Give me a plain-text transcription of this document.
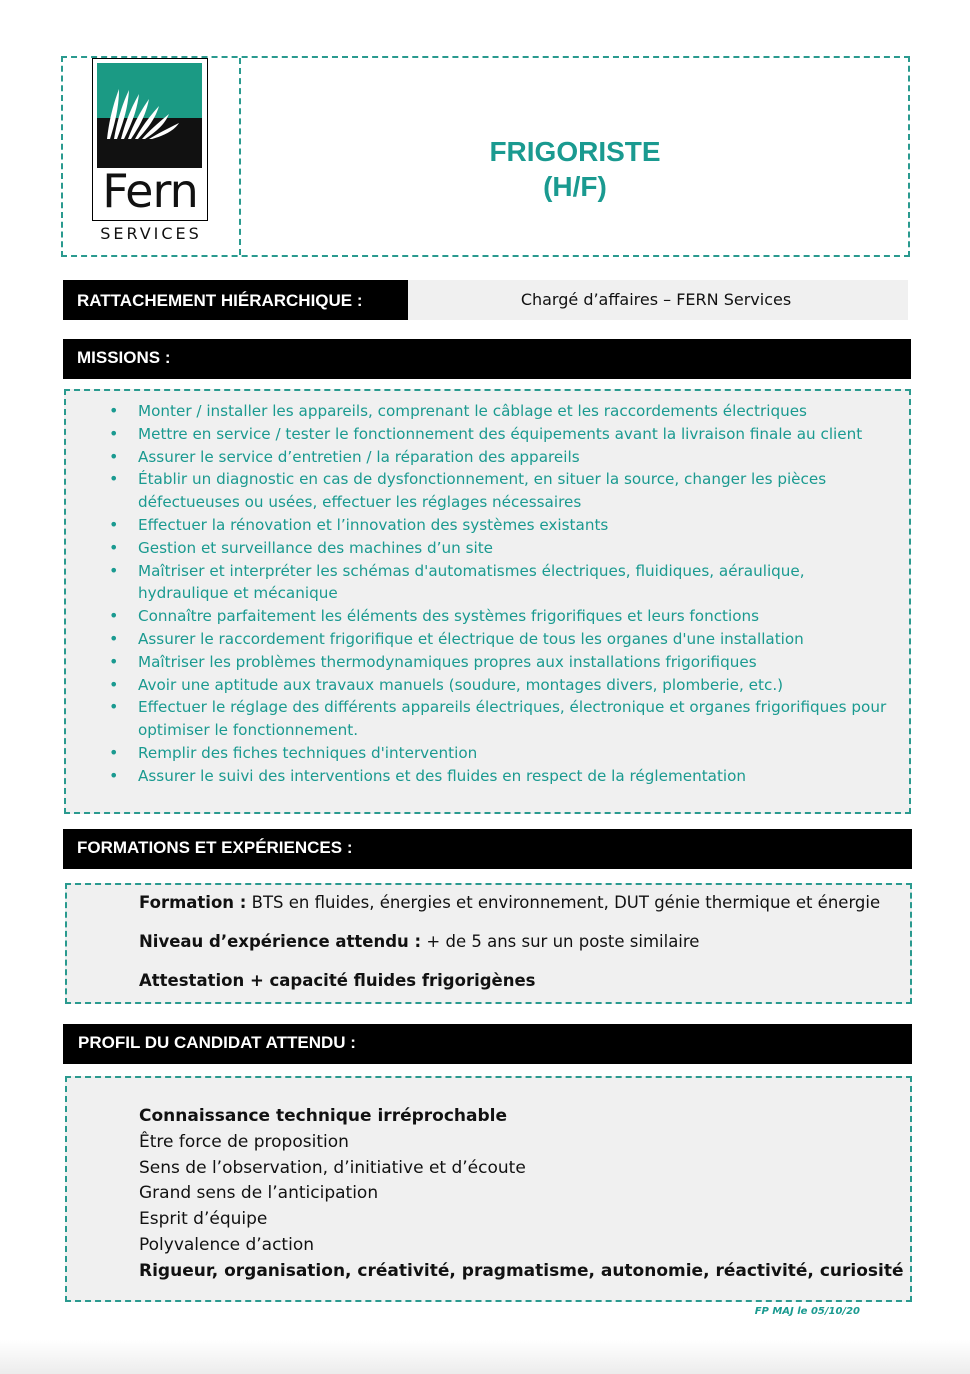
Fern
SERVICES
FRIGORISTE
(H/F)
RATTACHEMENT HIÉRARCHIQUE :	Chargé d’affaires – FERN Services
MISSIONS :
• Monter / installer les appareils, comprenant le câblage et les raccordements électriques
• Mettre en service / tester le fonctionnement des équipements avant la livraison finale au client
• Assurer le service d’entretien / la réparation des appareils
• Établir un diagnostic en cas de dysfonctionnement, en situer la source, changer les pièces défectueuses ou usées, effectuer les réglages nécessaires
• Effectuer la rénovation et l’innovation des systèmes existants
• Gestion et surveillance des machines d’un site
• Maîtriser et interpréter les schémas d'automatismes électriques, fluidiques, aéraulique, hydraulique et mécanique
• Connaître parfaitement les éléments des systèmes frigorifiques et leurs fonctions
• Assurer le raccordement frigorifique et électrique de tous les organes d'une installation
• Maîtriser les problèmes thermodynamiques propres aux installations frigorifiques
• Avoir une aptitude aux travaux manuels (soudure, montages divers, plomberie, etc.)
• Effectuer le réglage des différents appareils électriques, électronique et organes frigorifiques pour optimiser le fonctionnement.
• Remplir des fiches techniques d'intervention
• Assurer le suivi des interventions et des fluides en respect de la réglementation
FORMATIONS ET EXPÉRIENCES :
Formation : BTS en fluides, énergies et environnement, DUT génie thermique et énergie
Niveau d’expérience attendu : + de 5 ans sur un poste similaire
Attestation + capacité fluides frigorigènes
PROFIL DU CANDIDAT ATTENDU :
Connaissance technique irréprochable
Être force de proposition
Sens de l’observation, d’initiative et d’écoute
Grand sens de l’anticipation
Esprit d’équipe
Polyvalence d’action
Rigueur, organisation, créativité, pragmatisme, autonomie, réactivité, curiosité
FP MAJ le 05/10/20
